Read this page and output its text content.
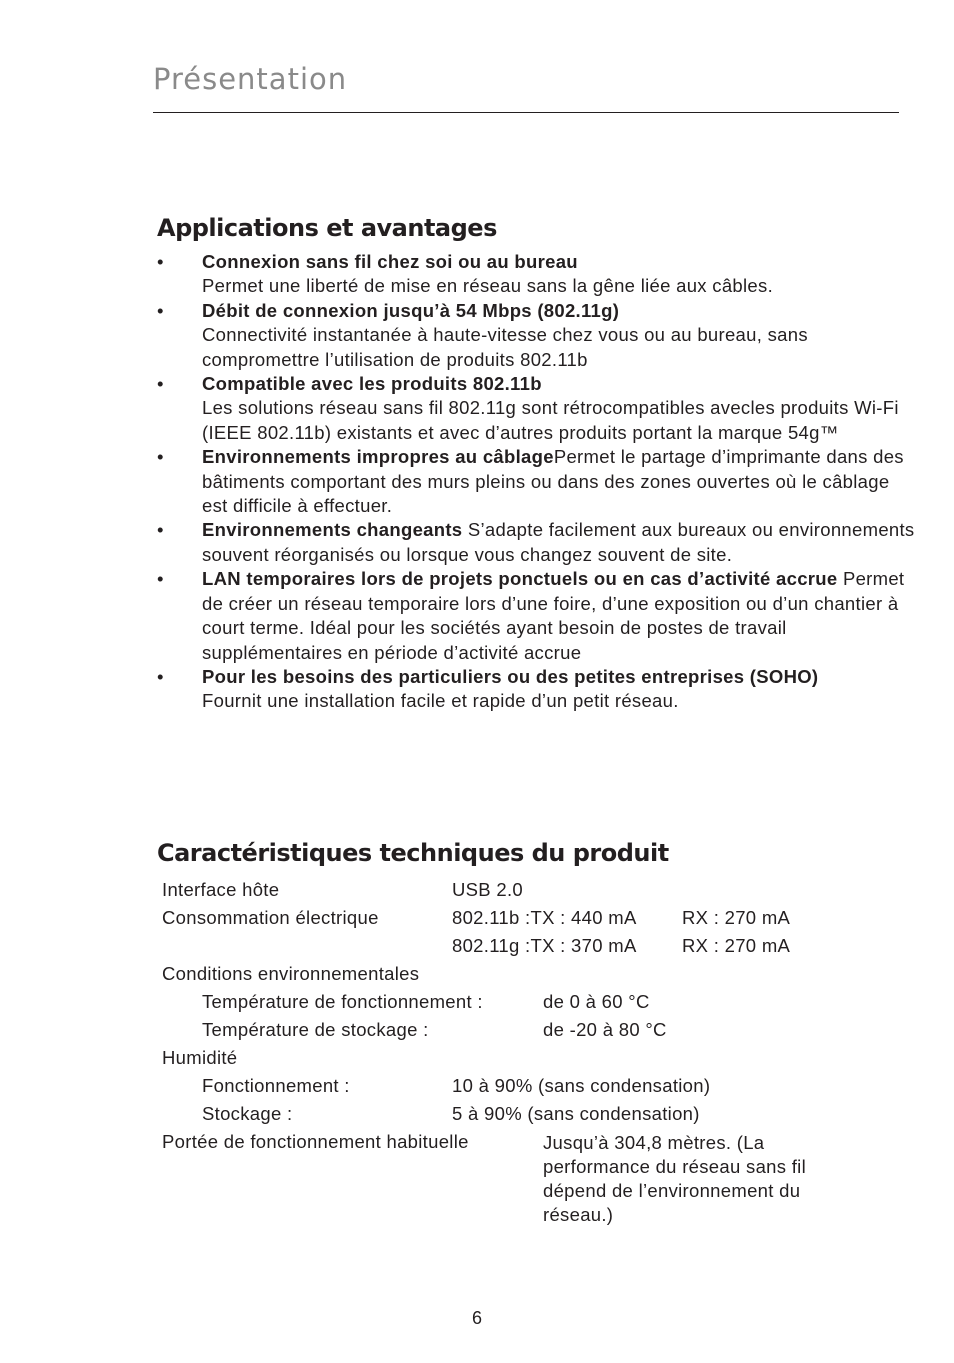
Présentation
Applications et avantages
• Connexion sans fil chez soi ou au bureau
Permet une liberté de mise en réseau sans la gêne liée aux câbles.
• Débit de connexion jusqu’à 54 Mbps (802.11g)
Connectivité instantanée à haute-vitesse chez vous ou au bureau, sans compromettre l’utilisation de produits 802.11b
• Compatible avec les produits 802.11b
Les solutions réseau sans fil 802.11g sont rétrocompatibles avecles produits Wi-Fi (IEEE 802.11b) existants et avec d’autres produits portant la marque 54g™
• Environnements impropres au câblagePermet le partage d’imprimante dans des bâtiments comportant des murs pleins ou dans des zones ouvertes où le câblage est difficile à effectuer.
• Environnements changeants S’adapte facilement aux bureaux ou environnements souvent réorganisés ou lorsque vous changez souvent de site.
• LAN temporaires lors de projets ponctuels ou en cas d’activité accrue Permet de créer un réseau temporaire lors d’une foire, d’une exposition ou d’un chantier à court terme. Idéal pour les sociétés ayant besoin de postes de travail supplémentaires en période d’activité accrue
• Pour les besoins des particuliers ou des petites entreprises (SOHO)
Fournit une installation facile et rapide d’un petit réseau.
Caractéristiques techniques du produit
Interface hôte	USB 2.0
Consommation électrique	802.11b :TX : 440 mA RX : 270 mA
802.11g :TX : 370 mA RX : 270 mA
Conditions environnementales
Température de fonctionnement :	de 0 à 60 °C
Température de stockage :	de -20 à 80 °C
Humidité
Fonctionnement :	10 à 90% (sans condensation)
Stockage :	5 à 90% (sans condensation)
Portée de fonctionnement habituelle	Jusqu’à 304,8 mètres. (La performance du réseau sans fil dépend de l’environnement du réseau.)
6
